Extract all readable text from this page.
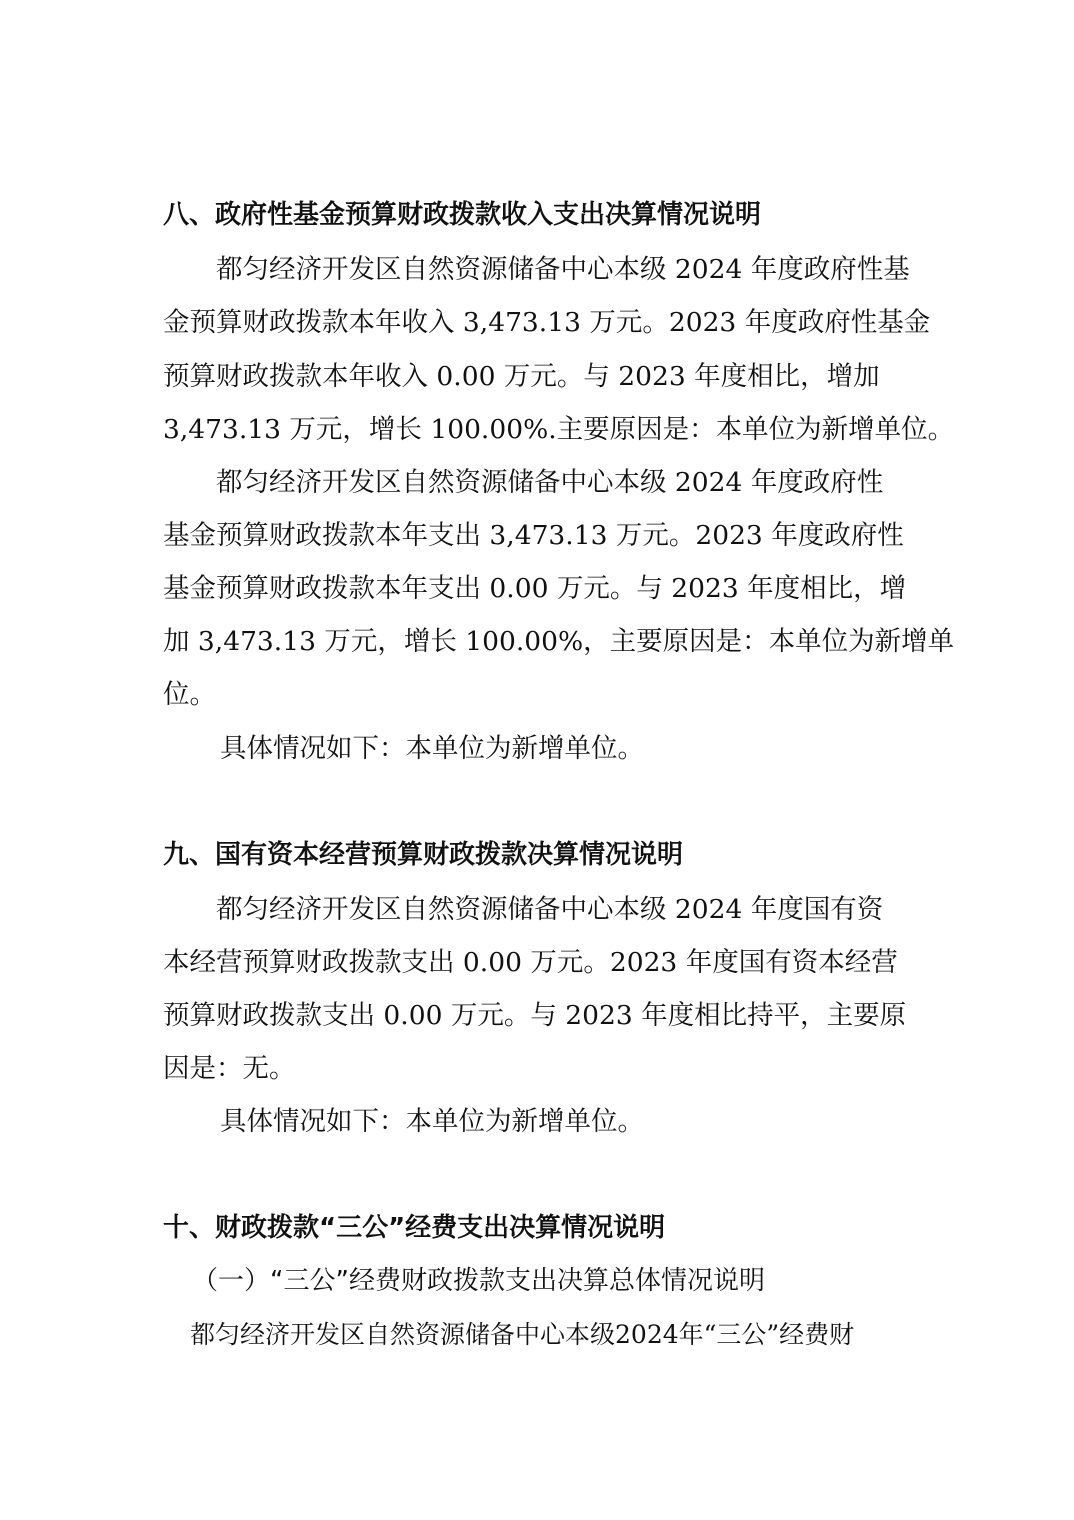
八、政府性基金预算财政拨款收入支出决算情况说明
都匀经济开发区自然资源储备中心本级 2024 年度政府性基
金预算财政拨款本年收入 3,473.13 万元。2023 年度政府性基金
预算财政拨款本年收入 0.00 万元。与 2023 年度相比，增加
3,473.13 万元，增长 100.00%.主要原因是：本单位为新增单位。
都匀经济开发区自然资源储备中心本级 2024 年度政府性
基金预算财政拨款本年支出 3,473.13 万元。2023 年度政府性
基金预算财政拨款本年支出 0.00 万元。与 2023 年度相比，增
加 3,473.13 万元，增长 100.00%，主要原因是：本单位为新增单
位。
具体情况如下：本单位为新增单位。
九、国有资本经营预算财政拨款决算情况说明
都匀经济开发区自然资源储备中心本级 2024 年度国有资
本经营预算财政拨款支出 0.00 万元。2023 年度国有资本经营
预算财政拨款支出 0.00 万元。与 2023 年度相比持平，主要原
因是：无。
具体情况如下：本单位为新增单位。
十、财政拨款“三公”经费支出决算情况说明
（一）“三公”经费财政拨款支出决算总体情况说明
都匀经济开发区自然资源储备中心本级2024年“三公”经费财
